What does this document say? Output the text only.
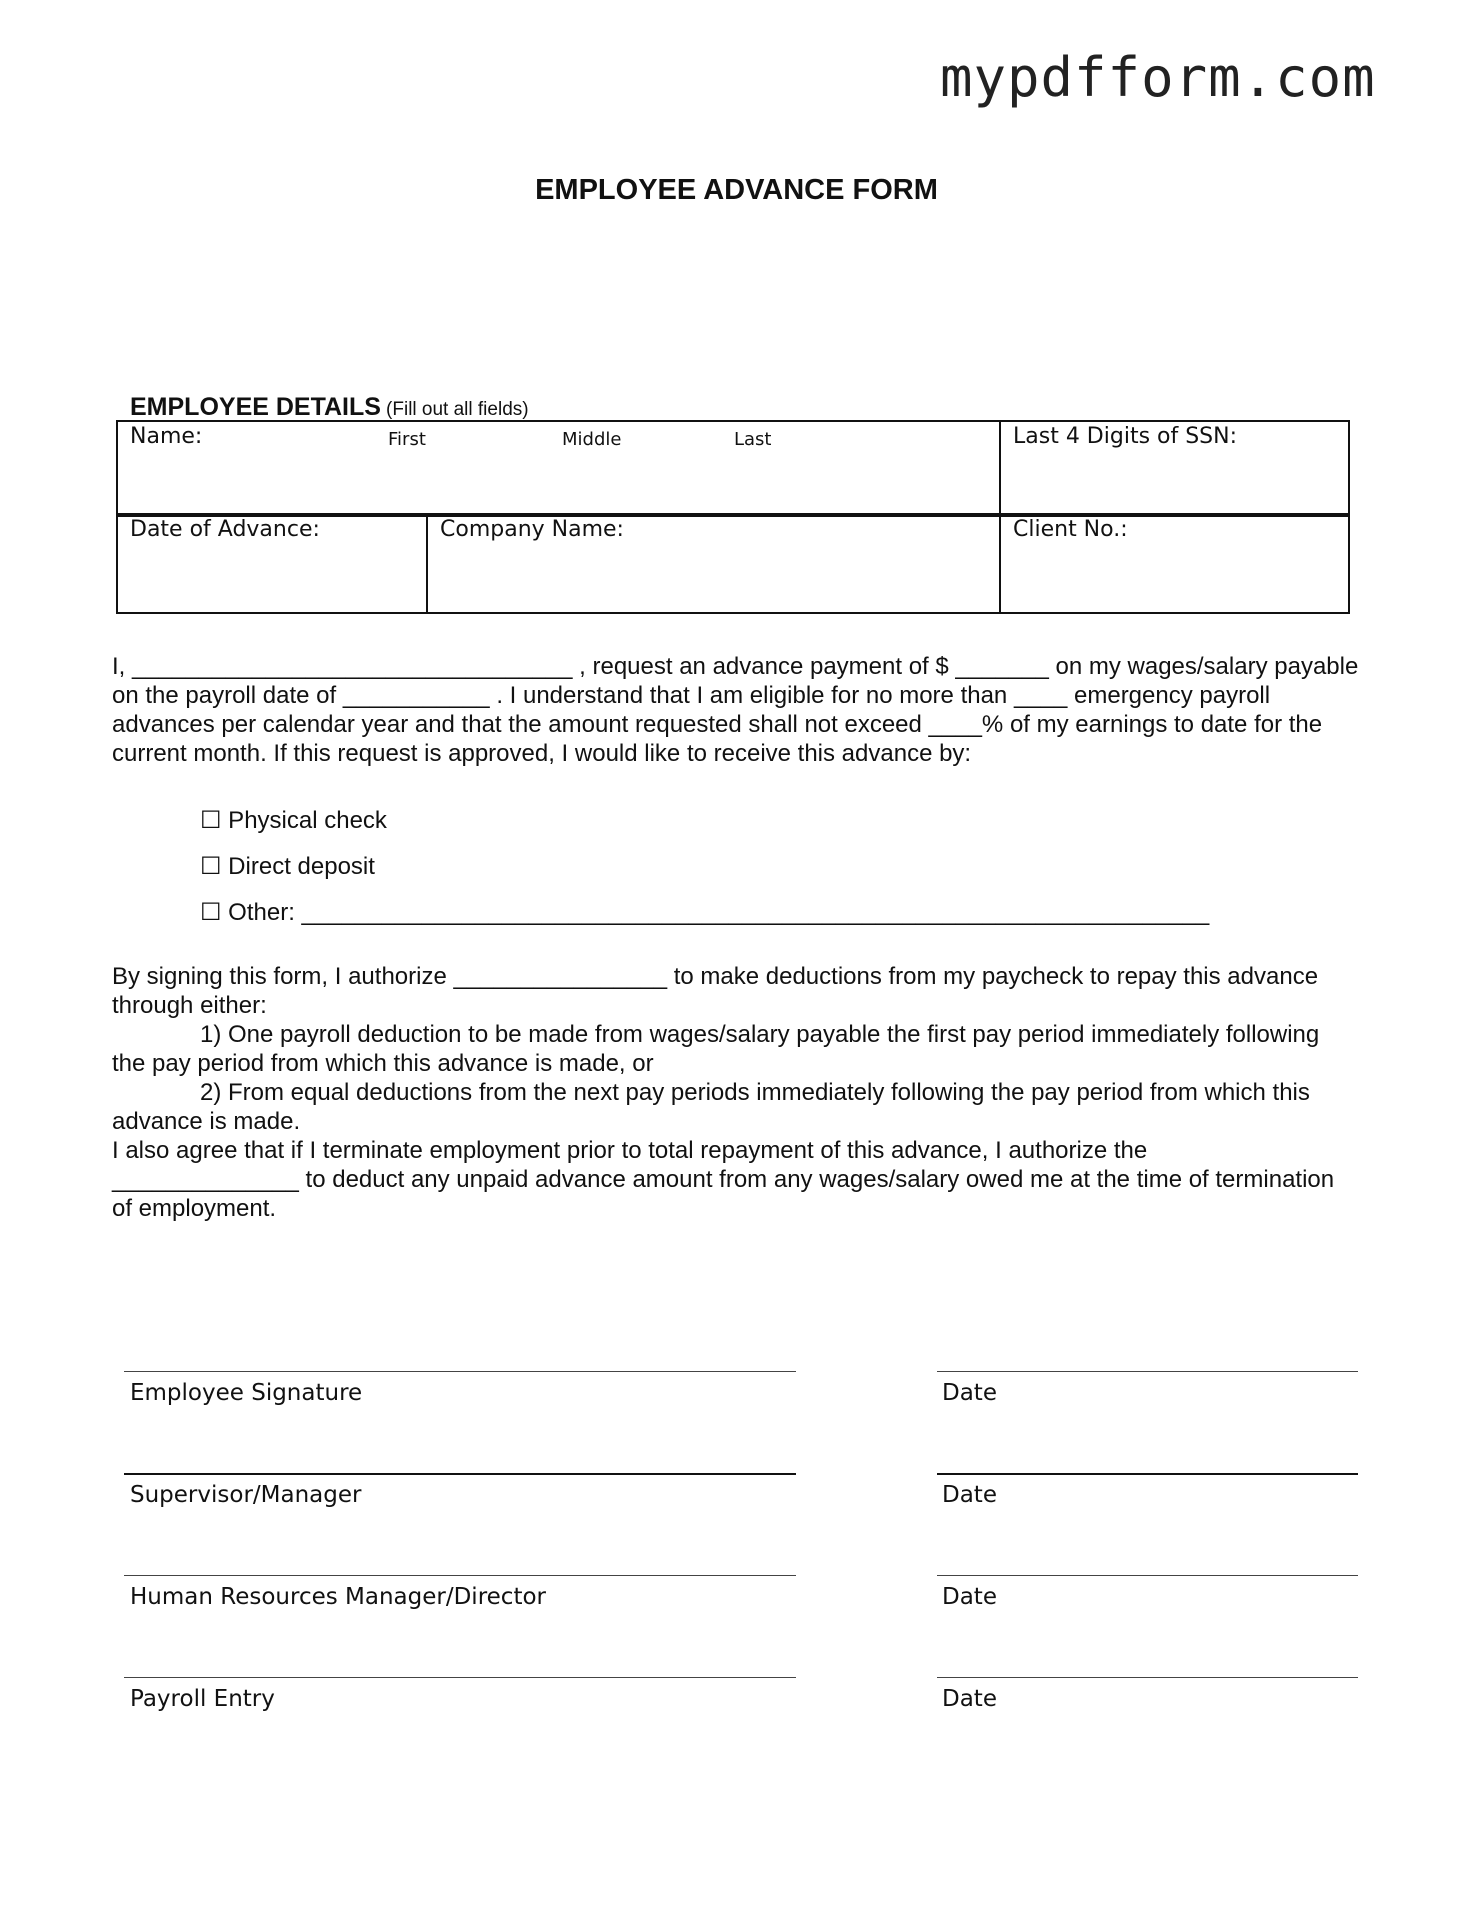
mypdfform.com
EMPLOYEE ADVANCE FORM
EMPLOYEE DETAILS (Fill out all fields)
Name:	First	Middle	Last	Last 4 Digits of SSN:
Date of Advance:	Company Name:	Client No.:
I, _________________________________ , request an advance payment of $ _______ on my wages/salary payable
on the payroll date of ___________ . I understand that I am eligible for no more than ____ emergency payroll
advances per calendar year and that the amount requested shall not exceed ____% of my earnings to date for the
current month. If this request is approved, I would like to receive this advance by:
☐ Physical check
☐ Direct deposit
☐ Other: ____________________________________________________________________
By signing this form, I authorize ________________ to make deductions from my paycheck to repay this advance
through either:
1) One payroll deduction to be made from wages/salary payable the first pay period immediately following
the pay period from which this advance is made, or
2) From equal deductions from the next pay periods immediately following the pay period from which this
advance is made.
I also agree that if I terminate employment prior to total repayment of this advance, I authorize the
______________ to deduct any unpaid advance amount from any wages/salary owed me at the time of termination
of employment.
Employee Signature	Date
Supervisor/Manager	Date
Human Resources Manager/Director	Date
Payroll Entry	Date
